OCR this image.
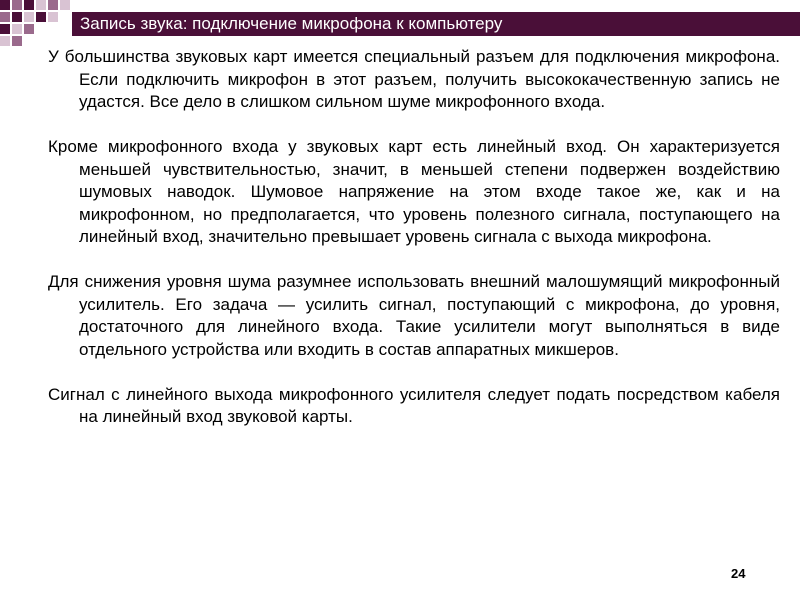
Запись звука: подключение микрофона к компьютеру

У большинства звуковых карт имеется специальный разъем для подключения микрофона. Если подключить микрофон в этот разъем, получить высококачественную запись не удастся. Все дело в слишком сильном шуме микрофонного входа.

Кроме микрофонного входа у звуковых карт есть линейный вход. Он характеризуется меньшей чувствительностью, значит, в меньшей степени подвержен воздействию шумовых наводок. Шумовое напряжение на этом входе такое же, как и на микрофонном, но предполагается, что уровень полезного сигнала, поступающего на линейный вход, значительно превышает уровень сигнала с выхода микрофона.

Для снижения уровня шума разумнее использовать внешний малошумящий микрофонный усилитель. Его задача — усилить сигнал, поступающий с микрофона, до уровня, достаточного для линейного входа. Такие усилители могут выполняться в виде отдельного устройства или входить в состав аппаратных микшеров.

Сигнал с линейного выхода микрофонного усилителя следует подать посредством кабеля на линейный вход звуковой карты.

24
